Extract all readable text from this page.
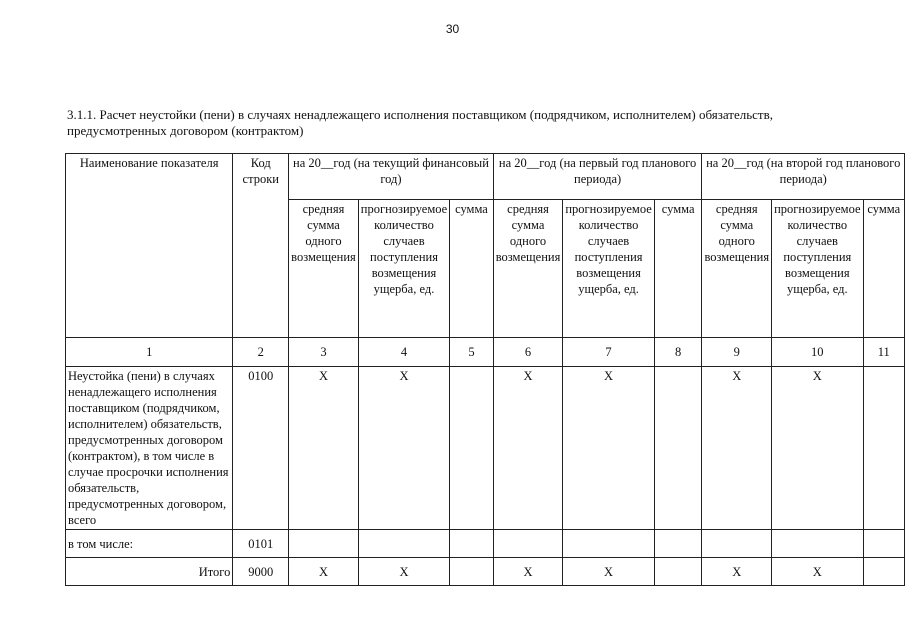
30
3.1.1. Расчет неустойки (пени) в случаях ненадлежащего исполнения поставщиком (подрядчиком, исполнителем) обязательств,
предусмотренных договором (контрактом)
Наименование показателя	Код строки	на 20__год (на текущий финансовый год)			на 20__год (на первый год планового периода)			на 20__год (на второй год планового периода)		
		средняя сумма одного возмещения	прогнозируемое количество случаев поступления возмещения ущерба, ед.	сумма	средняя сумма одного возмещения	прогнозируемое количество случаев поступления возмещения ущерба, ед.	сумма	средняя сумма одного возмещения	прогнозируемое количество случаев поступления возмещения ущерба, ед.	сумма
1	2	3	4	5	6	7	8	9	10	11
Неустойка (пени) в случаях ненадлежащего исполнения поставщиком (подрядчиком, исполнителем) обязательств, предусмотренных договором (контрактом), в том числе в случае просрочки исполнения обязательств, предусмотренных договором, всего	0100	X	X		X	X		X	X	
в том числе:	0101									
Итого	9000	X	X		X	X		X	X	
